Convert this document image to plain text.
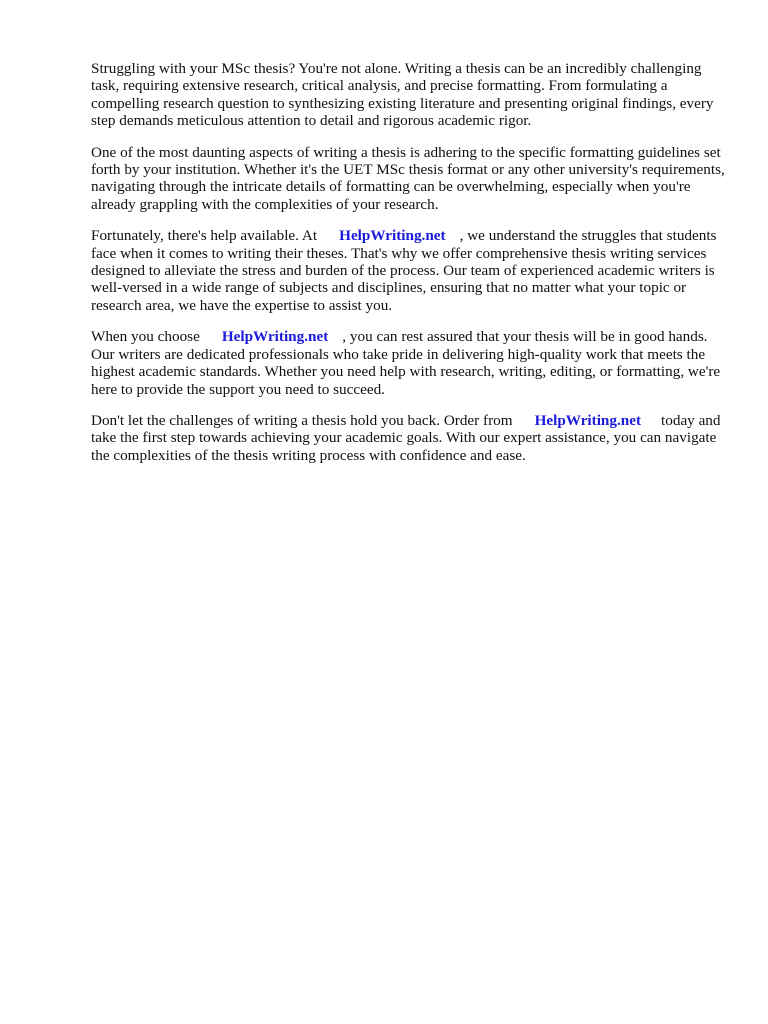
Struggling with your MSc thesis? You're not alone. Writing a thesis can be an incredibly challenging task, requiring extensive research, critical analysis, and precise formatting. From formulating a compelling research question to synthesizing existing literature and presenting original findings, every step demands meticulous attention to detail and rigorous academic rigor.

One of the most daunting aspects of writing a thesis is adhering to the specific formatting guidelines set forth by your institution. Whether it's the UET MSc thesis format or any other university's requirements, navigating through the intricate details of formatting can be overwhelming, especially when you're already grappling with the complexities of your research.

Fortunately, there's help available. At HelpWriting.net , we understand the struggles that students face when it comes to writing their theses. That's why we offer comprehensive thesis writing services designed to alleviate the stress and burden of the process. Our team of experienced academic writers is well-versed in a wide range of subjects and disciplines, ensuring that no matter what your topic or research area, we have the expertise to assist you.

When you choose HelpWriting.net , you can rest assured that your thesis will be in good hands. Our writers are dedicated professionals who take pride in delivering high-quality work that meets the highest academic standards. Whether you need help with research, writing, editing, or formatting, we're here to provide the support you need to succeed.

Don't let the challenges of writing a thesis hold you back. Order from HelpWriting.net today and take the first step towards achieving your academic goals. With our expert assistance, you can navigate the complexities of the thesis writing process with confidence and ease.
